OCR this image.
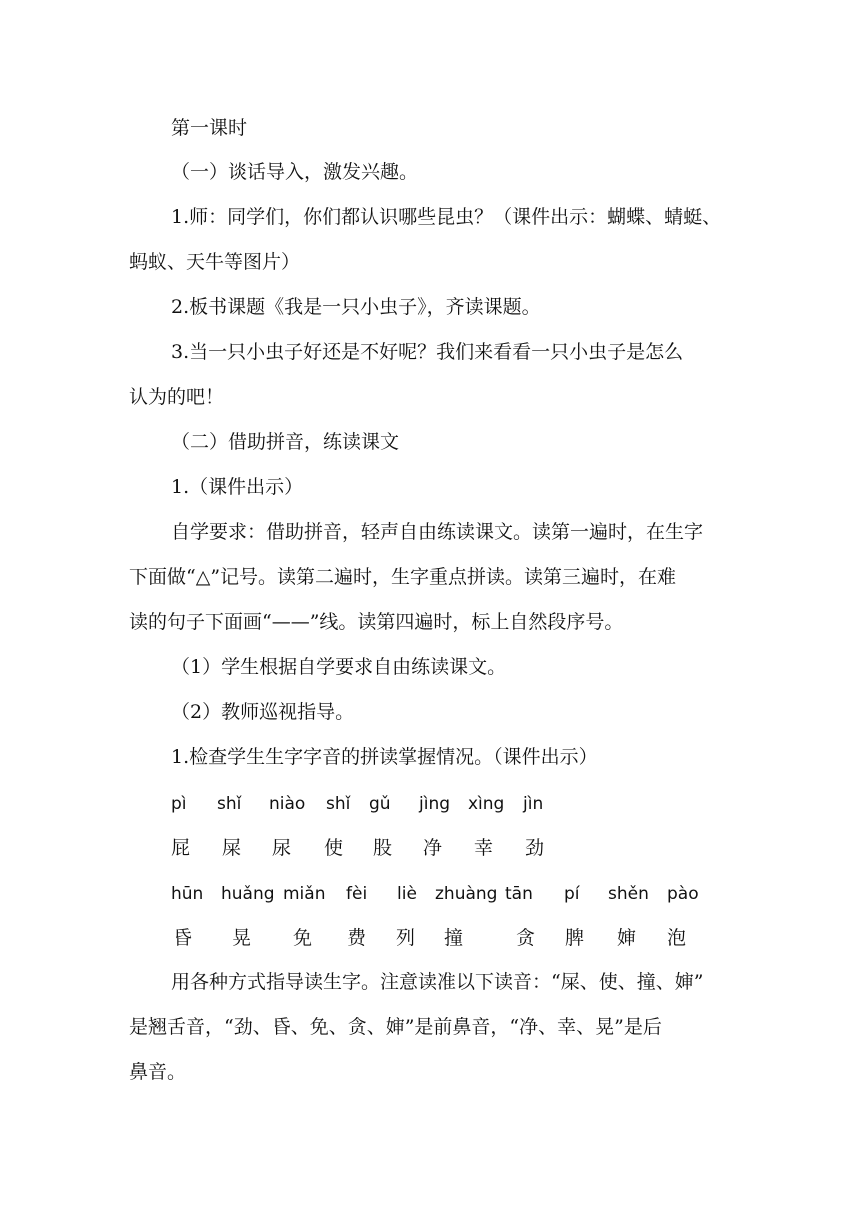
第一课时
（一）谈话导入，激发兴趣。
1.师：同学们，你们都认识哪些昆虫？（课件出示：蝴蝶、蜻蜓、
蚂蚁、天牛等图片）
2.板书课题《我是一只小虫子》，齐读课题。
3.当一只小虫子好还是不好呢？我们来看看一只小虫子是怎么
认为的吧！
（二）借助拼音，练读课文
1.（课件出示）
自学要求：借助拼音，轻声自由练读课文。读第一遍时，在生字
下面做“△”记号。读第二遍时，生字重点拼读。读第三遍时，在难
读的句子下面画“——”线。读第四遍时，标上自然段序号。
（1）学生根据自学要求自由练读课文。
（2）教师巡视指导。
1.检查学生生字字音的拼读掌握情况。（课件出示）
pì shǐ niào shǐ gǔ jìng xìng jìn
屁 屎 尿 使 股 净 幸 劲
hūn huǎng miǎn fèi liè zhuàng tān pí shěn pào
昏 晃 免 费 列 撞	贪 脾 婶 泡
用各种方式指导读生字。注意读准以下读音：“屎、使、撞、婶”
是翘舌音，“劲、昏、免、贪、婶”是前鼻音，“净、幸、晃”是后
鼻音。
